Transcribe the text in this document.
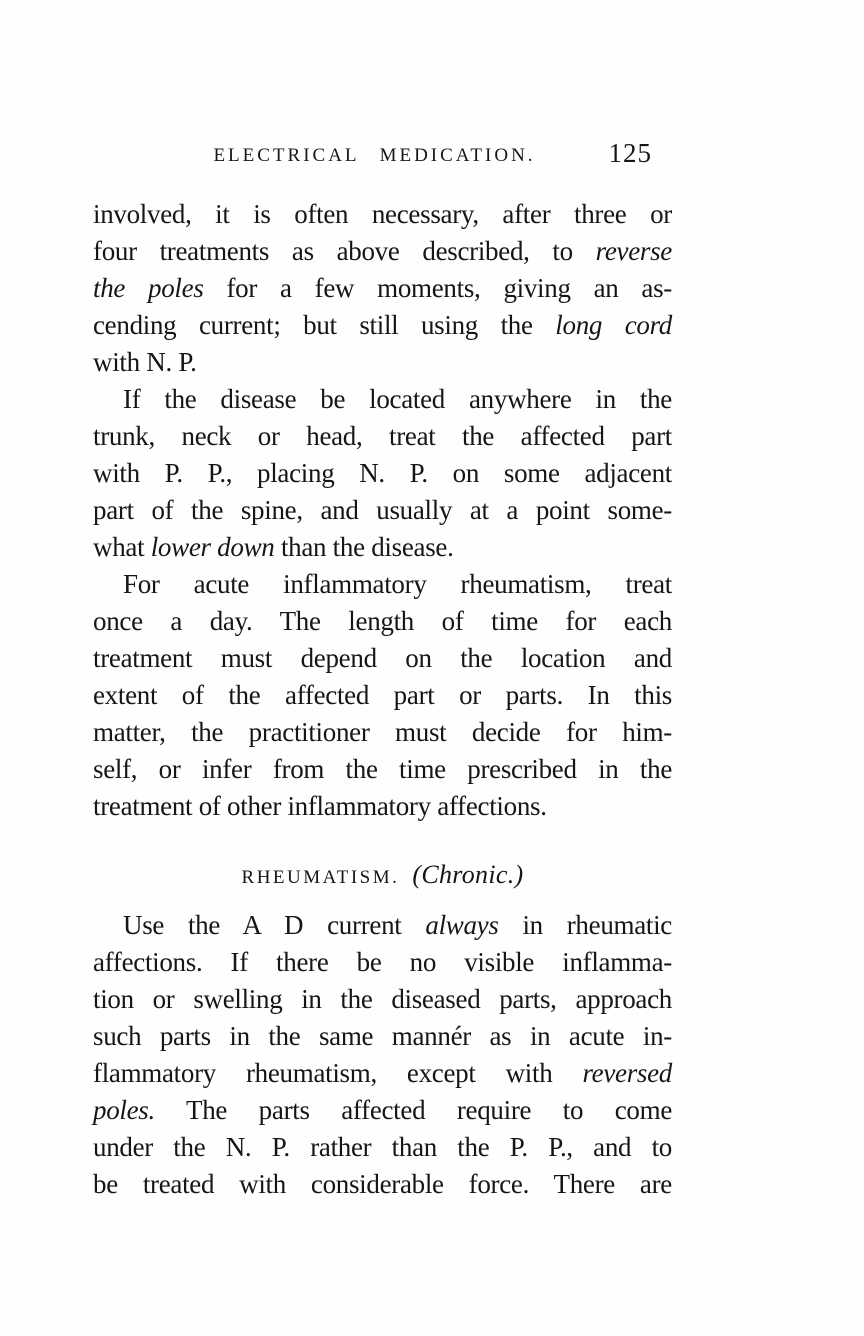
ELECTRICAL MEDICATION.	125
involved, it is often necessary, after three or
four treatments as above described, to reverse
the poles for a few moments, giving an as-
cending current; but still using the long cord
with N. P.
If the disease be located anywhere in the
trunk, neck or head, treat the affected part
with P. P., placing N. P. on some adjacent
part of the spine, and usually at a point some-
what lower down than the disease.
For acute inflammatory rheumatism, treat
once a day. The length of time for each
treatment must depend on the location and
extent of the affected part or parts. In this
matter, the practitioner must decide for him-
self, or infer from the time prescribed in the
treatment of other inflammatory affections.
RHEUMATISM. (Chronic.)
Use the A D current always in rheumatic
affections. If there be no visible inflamma-
tion or swelling in the diseased parts, approach
such parts in the same mannér as in acute in-
flammatory rheumatism, except with reversed
poles. The parts affected require to come
under the N. P. rather than the P. P., and to
be treated with considerable force. There are
